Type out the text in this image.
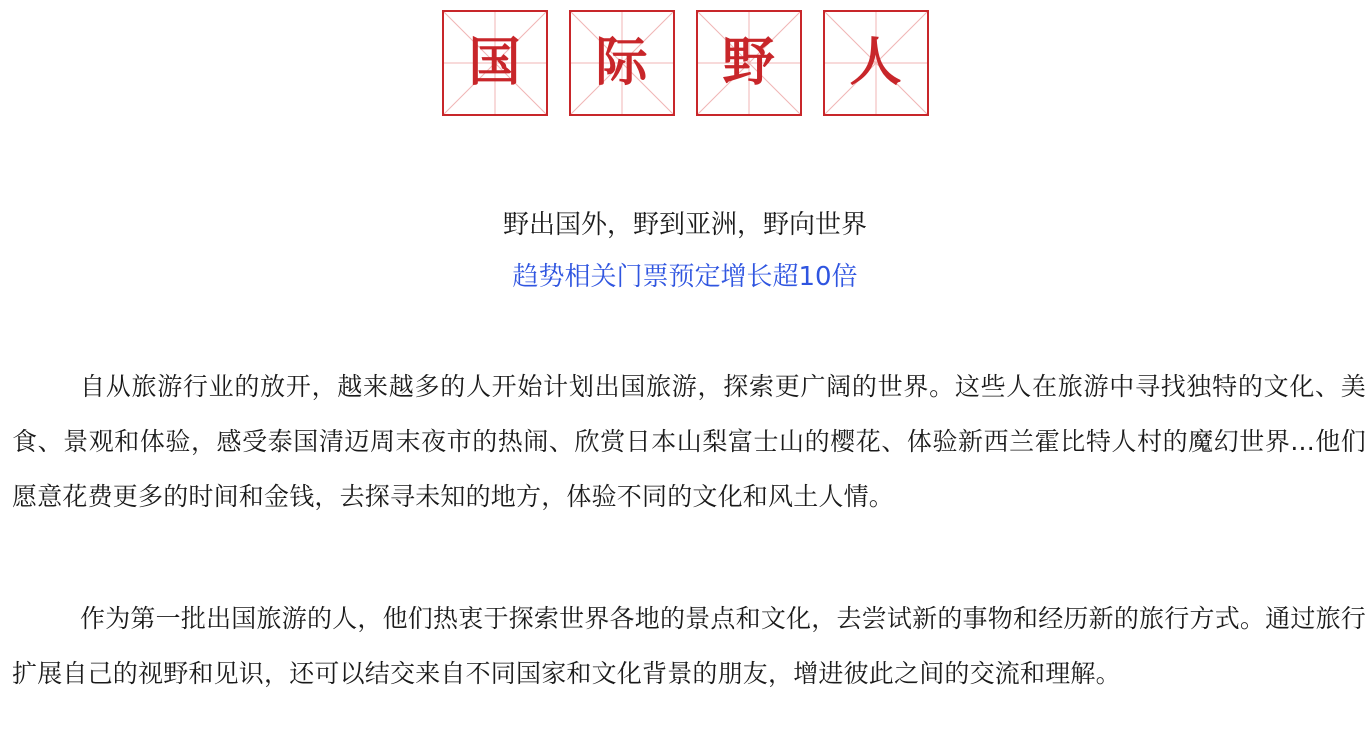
国	际	野	人
野出国外，野到亚洲，野向世界
趋势相关门票预定增长超10倍

自从旅游行业的放开，越来越多的人开始计划出国旅游，探索更广阔的世界。这些人在旅游中寻找独特的文化、美食、景观和体验，感受泰国清迈周末夜市的热闹、欣赏日本山梨富士山的樱花、体验新西兰霍比特人村的魔幻世界...他们愿意花费更多的时间和金钱，去探寻未知的地方，体验不同的文化和风土人情。

作为第一批出国旅游的人，他们热衷于探索世界各地的景点和文化，去尝试新的事物和经历新的旅行方式。通过旅行扩展自己的视野和见识，还可以结交来自不同国家和文化背景的朋友，增进彼此之间的交流和理解。
